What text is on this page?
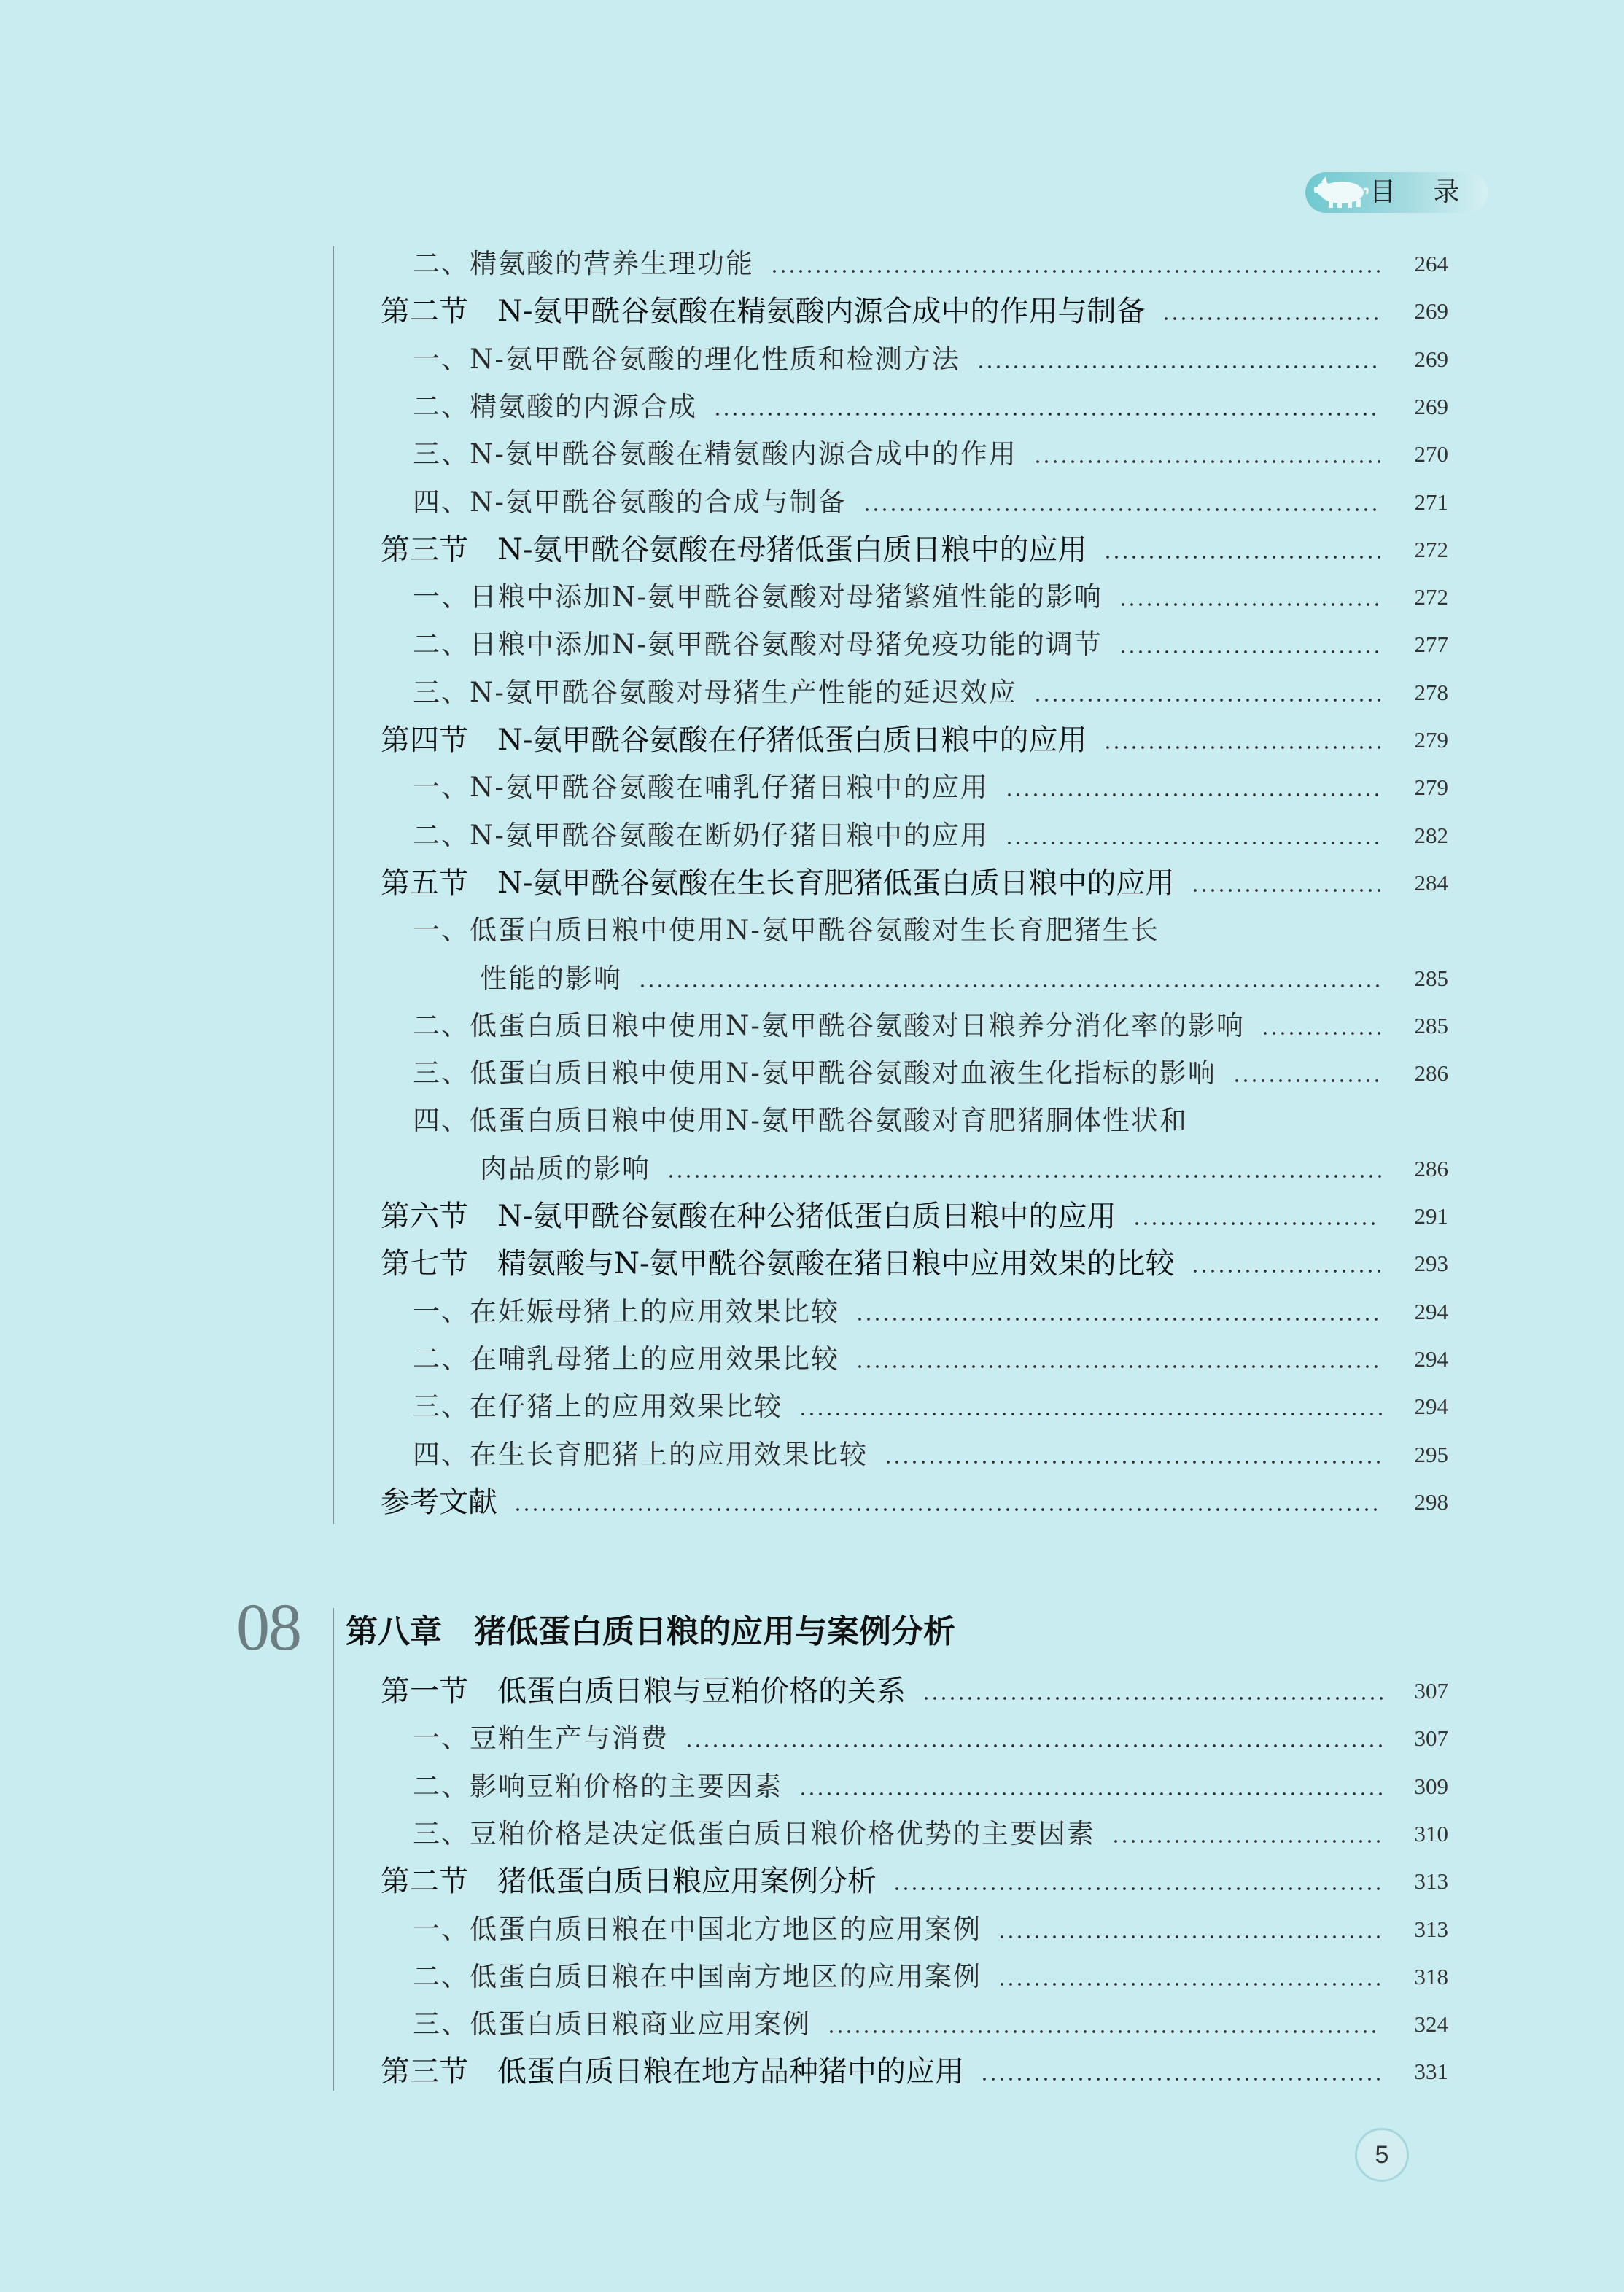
目 录
二、精氨酸的营养生理功能	264
第二节　N-氨甲酰谷氨酸在精氨酸内源合成中的作用与制备	269
一、N-氨甲酰谷氨酸的理化性质和检测方法	269
二、精氨酸的内源合成	269
三、N-氨甲酰谷氨酸在精氨酸内源合成中的作用	270
四、N-氨甲酰谷氨酸的合成与制备	271
第三节　N-氨甲酰谷氨酸在母猪低蛋白质日粮中的应用	272
一、日粮中添加N-氨甲酰谷氨酸对母猪繁殖性能的影响	272
二、日粮中添加N-氨甲酰谷氨酸对母猪免疫功能的调节	277
三、N-氨甲酰谷氨酸对母猪生产性能的延迟效应	278
第四节　N-氨甲酰谷氨酸在仔猪低蛋白质日粮中的应用	279
一、N-氨甲酰谷氨酸在哺乳仔猪日粮中的应用	279
二、N-氨甲酰谷氨酸在断奶仔猪日粮中的应用	282
第五节　N-氨甲酰谷氨酸在生长育肥猪低蛋白质日粮中的应用	284
一、低蛋白质日粮中使用N-氨甲酰谷氨酸对生长育肥猪生长
性能的影响	285
二、低蛋白质日粮中使用N-氨甲酰谷氨酸对日粮养分消化率的影响	285
三、低蛋白质日粮中使用N-氨甲酰谷氨酸对血液生化指标的影响	286
四、低蛋白质日粮中使用N-氨甲酰谷氨酸对育肥猪胴体性状和
肉品质的影响	286
第六节　N-氨甲酰谷氨酸在种公猪低蛋白质日粮中的应用	291
第七节　精氨酸与N-氨甲酰谷氨酸在猪日粮中应用效果的比较	293
一、在妊娠母猪上的应用效果比较	294
二、在哺乳母猪上的应用效果比较	294
三、在仔猪上的应用效果比较	294
四、在生长育肥猪上的应用效果比较	295
参考文献	298
第一节　低蛋白质日粮与豆粕价格的关系	307
一、豆粕生产与消费	307
二、影响豆粕价格的主要因素	309
三、豆粕价格是决定低蛋白质日粮价格优势的主要因素	310
第二节　猪低蛋白质日粮应用案例分析	313
一、低蛋白质日粮在中国北方地区的应用案例	313
二、低蛋白质日粮在中国南方地区的应用案例	318
三、低蛋白质日粮商业应用案例	324
第三节　低蛋白质日粮在地方品种猪中的应用	331
08 第八章　猪低蛋白质日粮的应用与案例分析
5
